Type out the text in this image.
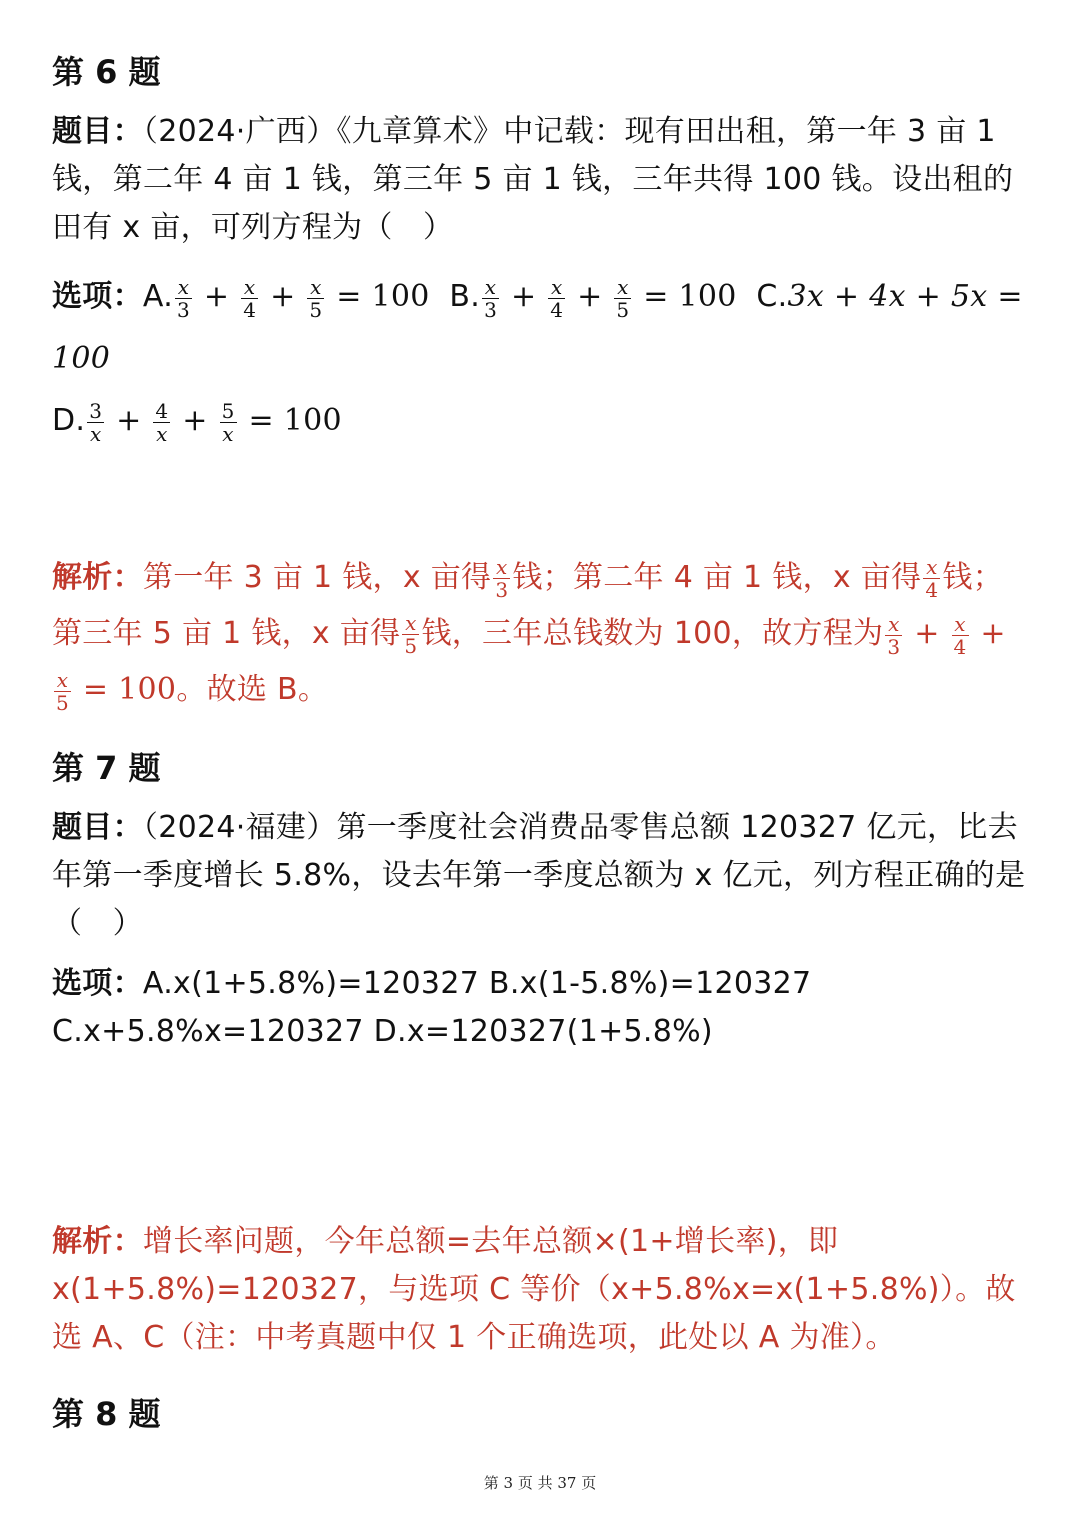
第 6 题

题目：（2024·广西）《九章算术》中记载：现有田出租，第一年 3 亩 1 钱，第二年 4 亩 1 钱，第三年 5 亩 1 钱，三年共得 100 钱。设出租的田有 x 亩，可列方程为（　）

选项：A. $\frac{x}{3} + \frac{x}{4} + \frac{x}{5} = 100$ B. $\frac{x}{3} + \frac{x}{4} + \frac{x}{5} = 100$ C.3x + 4x + 5x = 100
D. $\frac{3}{x} + \frac{4}{x} + \frac{5}{x} = 100$

解析：第一年 3 亩 1 钱，x 亩得 $\frac{x}{3}$ 钱；第二年 4 亩 1 钱，x 亩得 $\frac{x}{4}$ 钱；第三年 5 亩 1 钱，x 亩得 $\frac{x}{5}$ 钱，三年总钱数为 100，故方程为 $\frac{x}{3} + \frac{x}{4}$ +
$\frac{x}{5} = 100$。故选 B。

第 7 题

题目：（2024·福建）第一季度社会消费品零售总额 120327 亿元，比去年第一季度增长 5.8%，设去年第一季度总额为 x 亿元，列方程正确的是（　）

选项：A.x(1+5.8%)=120327 B.x(1-5.8%)=120327
C.x+5.8%x=120327 D.x=120327(1+5.8%)

解析：增长率问题，今年总额=去年总额×(1+增长率)，即 x(1+5.8%)=120327，与选项 C 等价（x+5.8%x=x(1+5.8%)）。故选 A、C（注：中考真题中仅 1 个正确选项，此处以 A 为准）。

第 8 题
第 3 页 共 37 页
